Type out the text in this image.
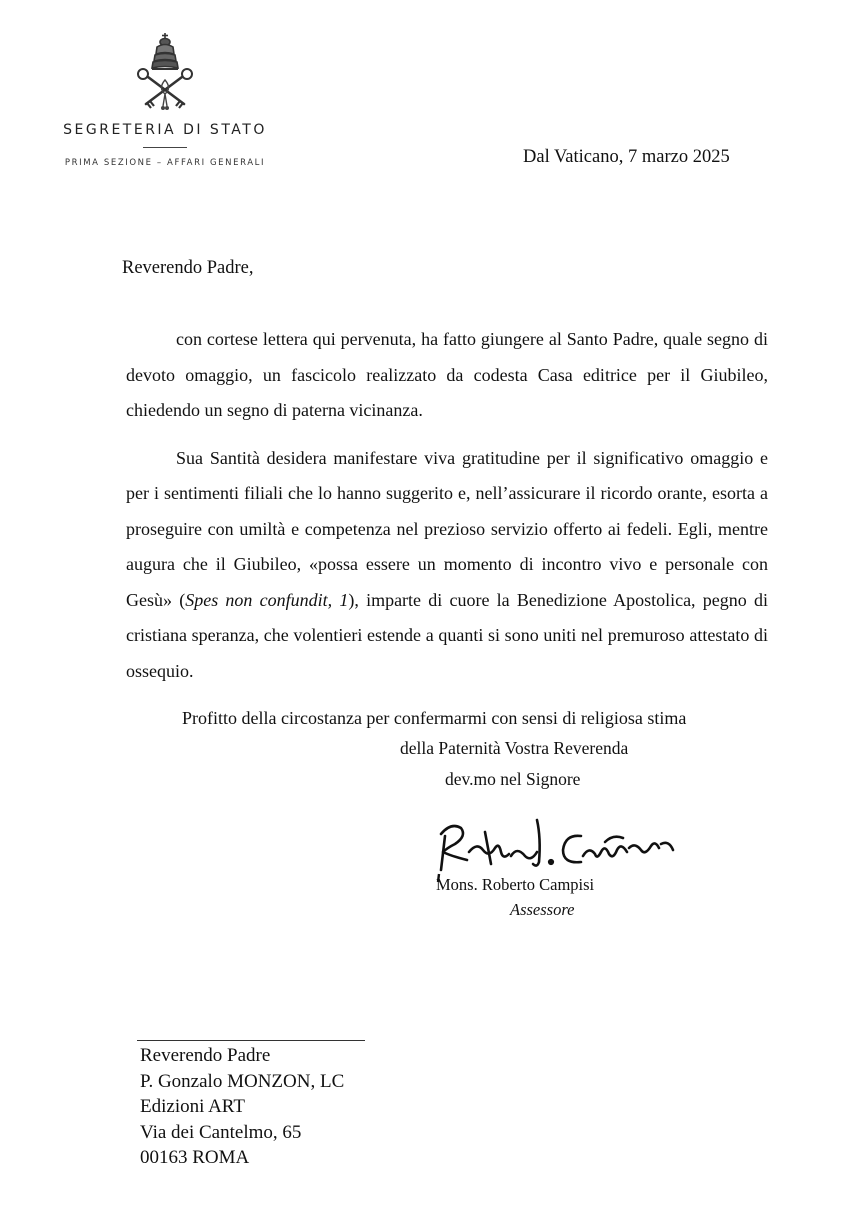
SEGRETERIA DI STATO
PRIMA SEZIONE – AFFARI GENERALI	Dal Vaticano, 7 marzo 2025
Reverendo Padre,

con cortese lettera qui pervenuta, ha fatto giungere al Santo Padre, quale segno di devoto omaggio, un fascicolo realizzato da codesta Casa editrice per il Giubileo, chiedendo un segno di paterna vicinanza.

Sua Santità desidera manifestare viva gratitudine per il significativo omaggio e per i sentimenti filiali che lo hanno suggerito e, nell’assicurare il ricordo orante, esorta a proseguire con umiltà e competenza nel prezioso servizio offerto ai fedeli. Egli, mentre augura che il Giubileo, «possa essere un momento di incontro vivo e personale con Gesù» (Spes non confundit, 1), imparte di cuore la Benedizione Apostolica, pegno di cristiana speranza, che volentieri estende a quanti si sono uniti nel premuroso attestato di ossequio.

Profitto della circostanza per confermarmi con sensi di religiosa stima

della Paternità Vostra Reverenda
dev.mo nel Signore
Mons. Roberto Campisi
Assessore
Reverendo Padre
P. Gonzalo MONZON, LC
Edizioni ART
Via dei Cantelmo, 65
00163 ROMA
